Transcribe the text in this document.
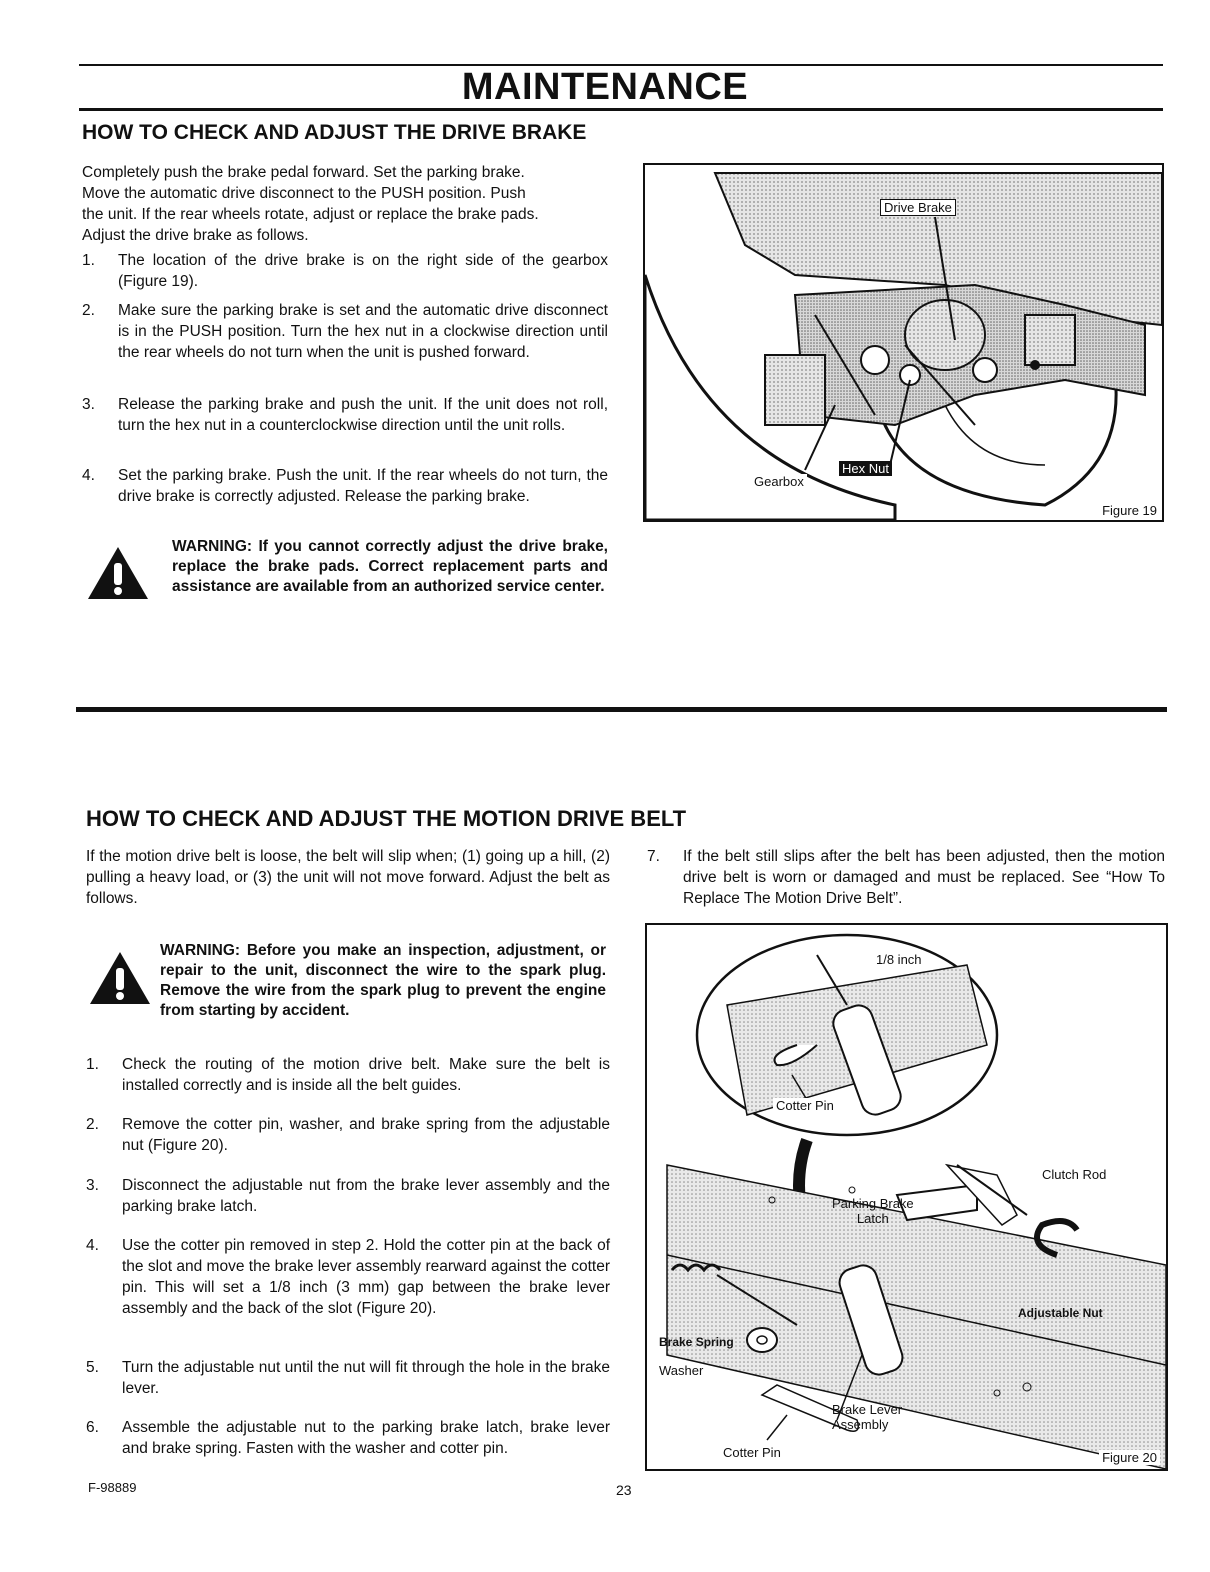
MAINTENANCE
HOW TO CHECK AND ADJUST THE DRIVE BRAKE
Completely push the brake pedal forward. Set the parking brake.
Move the automatic drive disconnect to the PUSH position. Push
the unit. If the rear wheels rotate, adjust or replace the brake pads.
Adjust the drive brake as follows.
1. The location of the drive brake is on the right side of the gearbox (Figure 19).
2. Make sure the parking brake is set and the automatic drive disconnect is in the PUSH position. Turn the hex nut in a clockwise direction until the rear wheels do not turn when the unit is pushed forward.
3. Release the parking brake and push the unit. If the unit does not roll, turn the hex nut in a counterclockwise direction until the unit rolls.
4. Set the parking brake. Push the unit. If the rear wheels do not turn, the drive brake is correctly adjusted. Release the parking brake.
WARNING: If you cannot correctly adjust the drive brake, replace the brake pads. Correct replacement parts and assistance are available from an authorized service center.
Drive Brake
Hex Nut
Gearbox
Figure 19
HOW TO CHECK AND ADJUST THE MOTION DRIVE BELT
If the motion drive belt is loose, the belt will slip when; (1) going up a hill, (2) pulling a heavy load, or (3) the unit will not move forward. Adjust the belt as follows.
7. If the belt still slips after the belt has been adjusted, then the motion drive belt is worn or damaged and must be replaced. See “How To Replace The Motion Drive Belt”.
WARNING: Before you make an inspection, adjustment, or repair to the unit, disconnect the wire to the spark plug. Remove the wire from the spark plug to prevent the engine from starting by accident.
1. Check the routing of the motion drive belt. Make sure the belt is installed correctly and is inside all the belt guides.
2. Remove the cotter pin, washer, and brake spring from the adjustable nut (Figure 20).
3. Disconnect the adjustable nut from the brake lever assembly and the parking brake latch.
4. Use the cotter pin removed in step 2. Hold the cotter pin at the back of the slot and move the brake lever assembly rearward against the cotter pin. This will set a 1/8 inch (3 mm) gap between the brake lever assembly and the back of the slot (Figure 20).
5. Turn the adjustable nut until the nut will fit through the hole in the brake lever.
6. Assemble the adjustable nut to the parking brake latch, brake lever and brake spring. Fasten with the washer and cotter pin.
1/8 inch
Cotter Pin
Clutch Rod
Parking Brake
Latch
Adjustable Nut
Brake Spring
Washer
Brake Lever
Assembly
Cotter Pin	Figure 20
F-98889	23
